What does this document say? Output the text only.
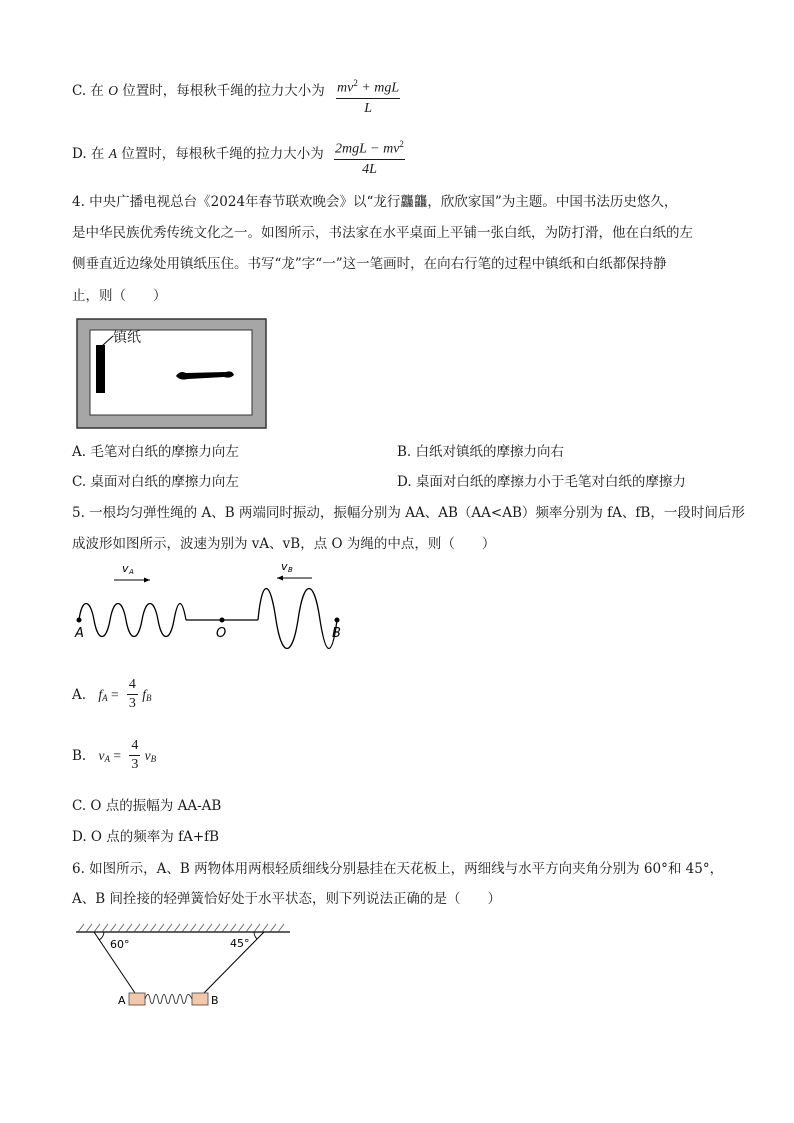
C. 在 O 位置时，每根秋千绳的拉力大小为 $mv^2$ + mgL
L
D. 在 A 位置时，每根秋千绳的拉力大小为 $2mgL - mv^2$
4L
4. 中央广播电视总台《2024年春节联欢晚会》以“龙行龘龘，欣欣家国”为主题。中国书法历史悠久，
是中华民族优秀传统文化之一。如图所示，书法家在水平桌面上平铺一张白纸，为防打滑，他在白纸的左
侧垂直近边缘处用镇纸压住。书写“龙”字“一”这一笔画时，在向右行笔的过程中镇纸和白纸都保持静
止，则（　　）
镇纸
A. 毛笔对白纸的摩擦力向左	B. 白纸对镇纸的摩擦力向右
C. 桌面对白纸的摩擦力向左	D. 桌面对白纸的摩擦力小于毛笔对白纸的摩擦力
5. 一根均匀弹性绳的 A、B 两端同时振动，振幅分别为 AA、AB（AA<AB）频率分别为 fA、fB，一段时间后形
成波形如图所示，波速为别为 vA、vB，点 O 为绳的中点，则（　　）
v A	v B
A	O	B
A. $f_A = \frac{4}{3} f_B$
B. $v_A = \frac{4}{3} v_B$
C. O 点的振幅为 AA-AB
D. O 点的频率为 fA+fB
6. 如图所示，A、B 两物体用两根轻质细线分别悬挂在天花板上，两细线与水平方向夹角分别为 60°和 45°，
A、B 间拴接的轻弹簧恰好处于水平状态，则下列说法正确的是（　　）
60°	45°
A	B
